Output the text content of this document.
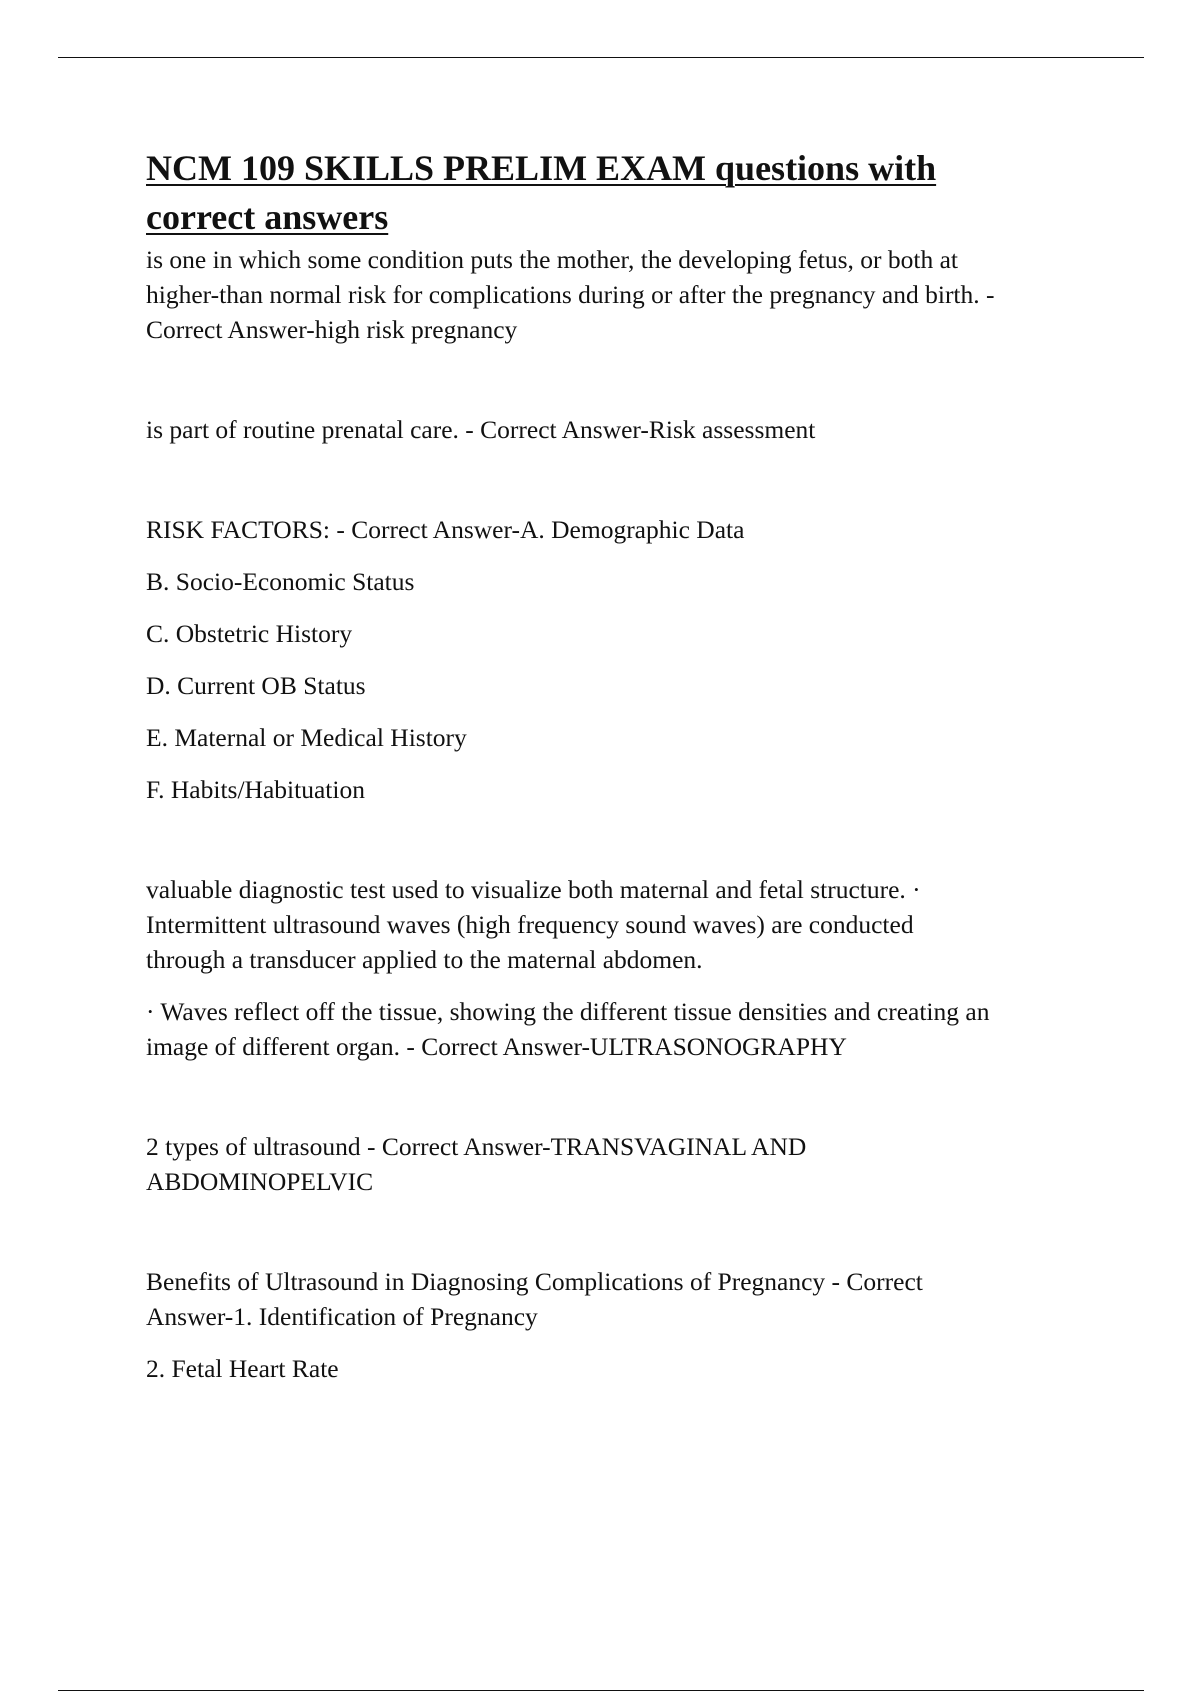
NCM 109 SKILLS PRELIM EXAM questions with
correct answers

is one in which some condition puts the mother, the developing fetus, or both at
higher-than normal risk for complications during or after the pregnancy and birth. -
Correct Answer-high risk pregnancy

is part of routine prenatal care. - Correct Answer-Risk assessment

RISK FACTORS: - Correct Answer-A. Demographic Data

B. Socio-Economic Status

C. Obstetric History

D. Current OB Status

E. Maternal or Medical History

F. Habits/Habituation

valuable diagnostic test used to visualize both maternal and fetal structure. ·
Intermittent ultrasound waves (high frequency sound waves) are conducted
through a transducer applied to the maternal abdomen.

· Waves reflect off the tissue, showing the different tissue densities and creating an
image of different organ. - Correct Answer-ULTRASONOGRAPHY

2 types of ultrasound - Correct Answer-TRANSVAGINAL AND
ABDOMINOPELVIC

Benefits of Ultrasound in Diagnosing Complications of Pregnancy - Correct
Answer-1. Identification of Pregnancy

2. Fetal Heart Rate
